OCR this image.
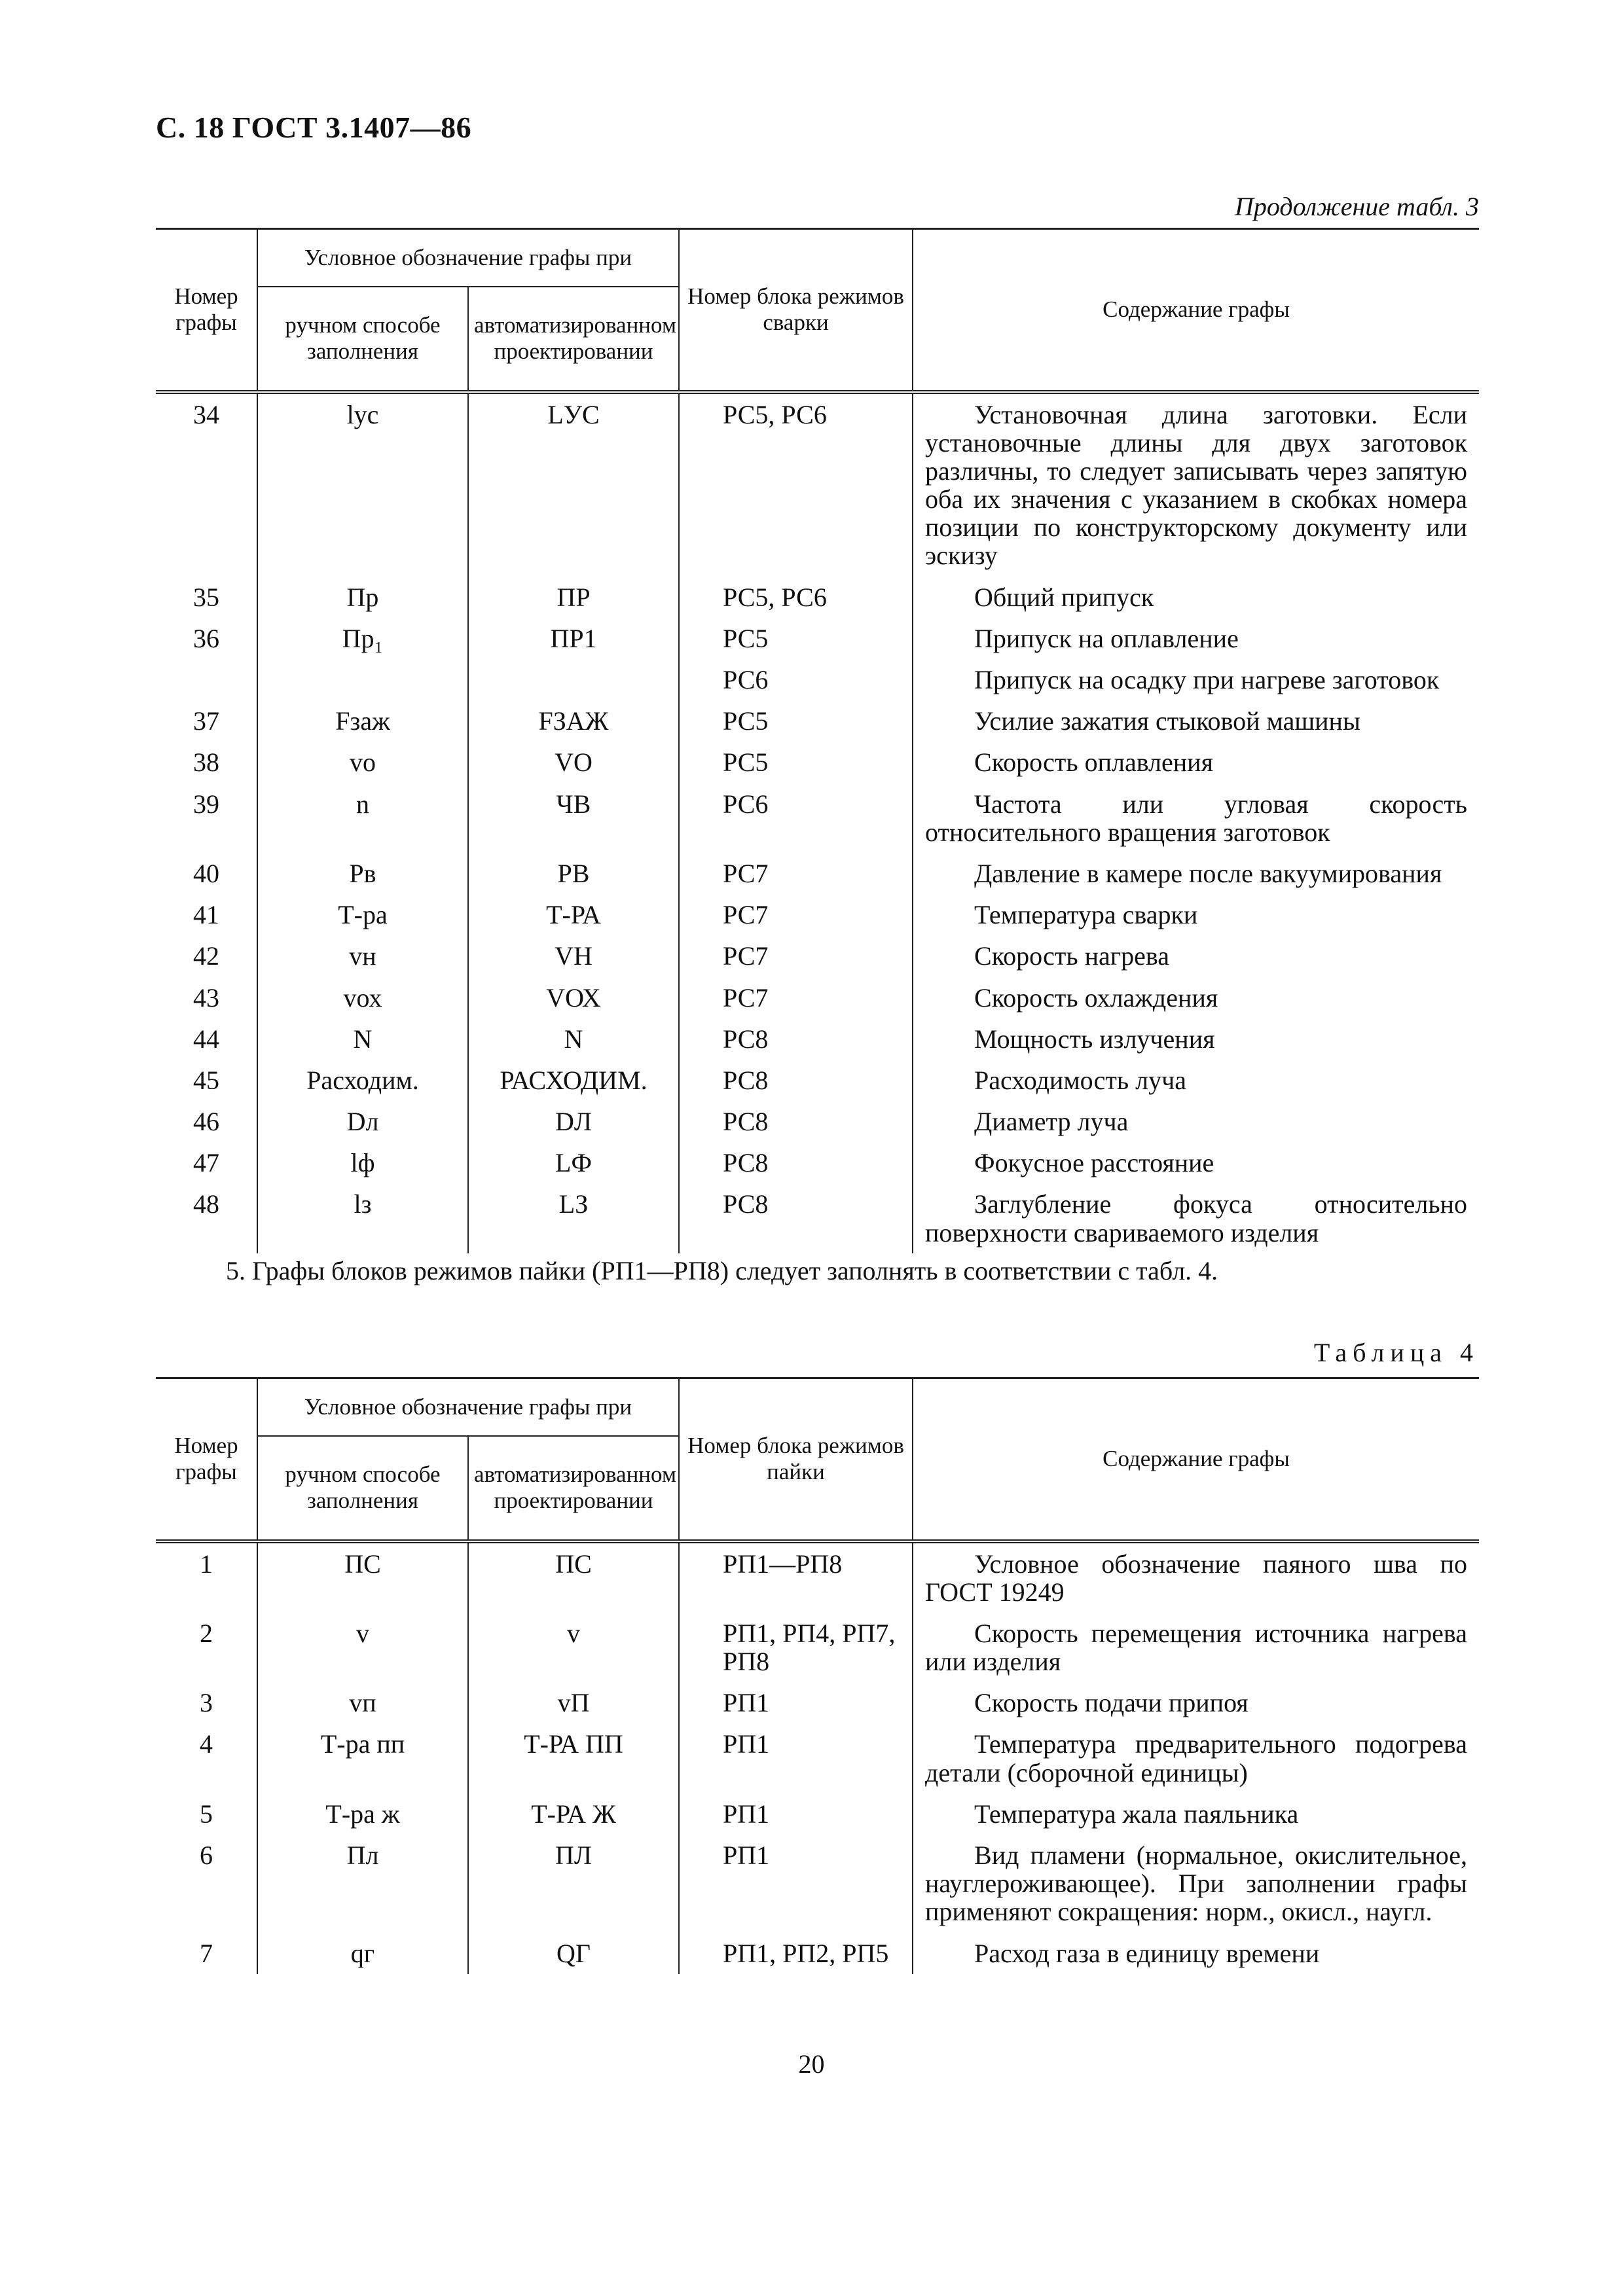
С. 18 ГОСТ 3.1407—86
Продолжение табл. 3
Номер графы	Условное обозначение графы при		Номер блока режимов сварки	Содержание графы
	ручном способе заполнения	автоматизированном проектировании		
34	lус	LУС	РС5, РС6	Установочная длина заготовки. Если установочные длины для двух заготовок различны, то следует записывать через запятую оба их значения с указанием в скобках номера позиции по конструкторскому документу или эскизу
35	Пр	ПР	РС5, РС6	Общий припуск
36	Пр₁	ПР1	РС5	Припуск на оплавление
			РС6	Припуск на осадку при нагреве заготовок
37	Fзаж	FЗАЖ	РС5	Усилие зажатия стыковой машины
38	vо	VО	РС5	Скорость оплавления
39	n	ЧВ	РС6	Частота или угловая скорость относительного вращения заготовок
40	Рв	РВ	РС7	Давление в камере после вакуумирования
41	Т-ра	Т-РА	РС7	Температура сварки
42	vн	VН	РС7	Скорость нагрева
43	vох	VОХ	РС7	Скорость охлаждения
44	N	N	РС8	Мощность излучения
45	Расходим.	РАСХОДИМ.	РС8	Расходимость луча
46	Dл	DЛ	РС8	Диаметр луча
47	lф	LФ	РС8	Фокусное расстояние
48	lз	LЗ	РС8	Заглубление фокуса относительно поверхности свариваемого изделия
5. Графы блоков режимов пайки (РП1—РП8) следует заполнять в соответствии с табл. 4.
Таблица 4
Номер графы	Условное обозначение графы при		Номер блока режимов пайки	Содержание графы
	ручном способе заполнения	автоматизированном проектировании		
1	ПС	ПС	РП1—РП8	Условное обозначение паяного шва по ГОСТ 19249
2	v	v	РП1, РП4, РП7, РП8	Скорость перемещения источника нагрева или изделия
3	vп	vП	РП1	Скорость подачи припоя
4	Т-ра пп	Т-РА ПП	РП1	Температура предварительного подогрева детали (сборочной единицы)
5	Т-ра ж	Т-РА Ж	РП1	Температура жала паяльника
6	Пл	ПЛ	РП1	Вид пламени (нормальное, окислительное, науглероживающее). При заполнении графы применяют сокращения: норм., окисл., наугл.
7	qг	QГ	РП1, РП2, РП5	Расход газа в единицу времени
20
